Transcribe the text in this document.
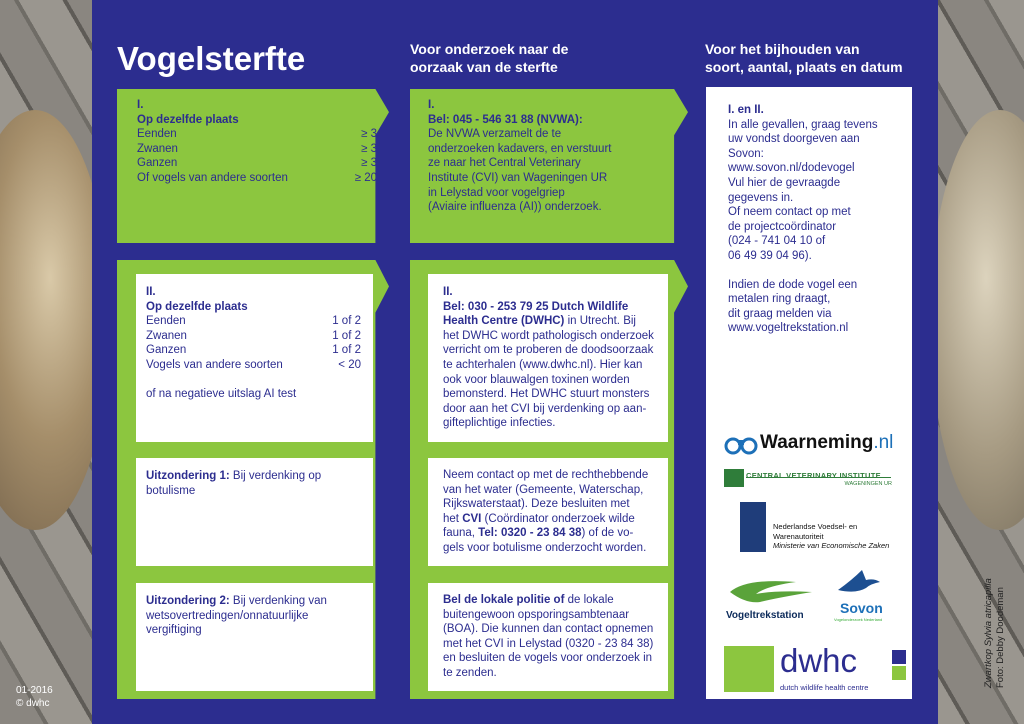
Vogelsterfte	Voor onderzoek naar de
oorzaak van de sterfte
Voor het bijhouden van
soort, aantal, plaats en datum
I.
Op dezelfde plaats
Eenden	≥ 3
Zwanen	≥ 3
Ganzen	≥ 3
Of vogels van andere soorten	≥ 20
I.
Bel: 045 - 546 31 88 (NVWA):
De NVWA verzamelt de te
onderzoeken kadavers, en verstuurt
ze naar het Central Veterinary
Institute (CVI) van Wageningen UR
in Lelystad voor vogelgriep
(Aviaire influenza (AI)) onderzoek.
I. en II.
In alle gevallen, graag tevens
uw vondst doorgeven aan
Sovon:
www.sovon.nl/dodevogel
Vul hier de gevraagde
gegevens in.
Of neem contact op met
de projectcoördinator
(024 - 741 04 10 of
06 49 39 04 96).
Indien de dode vogel een
metalen ring draagt,
dit graag melden via
www.vogeltrekstation.nl
II.
Op dezelfde plaats
Eenden	1 of 2
Zwanen	1 of 2
Ganzen	1 of 2
Vogels van andere soorten	< 20
of na negatieve uitslag AI test
II.
Bel: 030 - 253 79 25 Dutch Wildlife
Health Centre (DWHC) in Utrecht. Bij
het DWHC wordt pathologisch onderzoek
verricht om te proberen de doodsoorzaak
te achterhalen (www.dwhc.nl). Hier kan
ook voor blauwalgen toxinen worden
bemonsterd. Het DWHC stuurt monsters
door aan het CVI bij verdenking op aan-
gifteplichtige infecties.
Uitzondering 1: Bij verdenking op
botulisme
Neem contact op met de rechthebbende
van het water (Gemeente, Waterschap,
Rijkswaterstaat). Deze besluiten met
het CVI (Coördinator onderzoek wilde
fauna, Tel: 0320 - 23 84 38) of de vo-
gels voor botulisme onderzocht worden.
Uitzondering 2: Bij verdenking van
wetsovertredingen/onnatuurlijke
vergiftiging
Bel de lokale politie of de lokale
buitengewoon opsporingsambtenaar
(BOA). Die kunnen dan contact opnemen
met het CVI in Lelystad (0320 - 23 84 38)
en besluiten de vogels voor onderzoek in
te zenden.
Waarneming.nl
CENTRAL VETERINARY INSTITUTE
WAGENINGEN UR
Nederlandse Voedsel- en
Warenautoriteit
Ministerie van Economische Zaken
Vogeltrekstation	Sovon
Vogelonderzoek Nederland
dwhc
dutch wildlife health centre
01-2016
© dwhc
Zwartkop Sylvia atricapilla Foto: Debby Doodeman
